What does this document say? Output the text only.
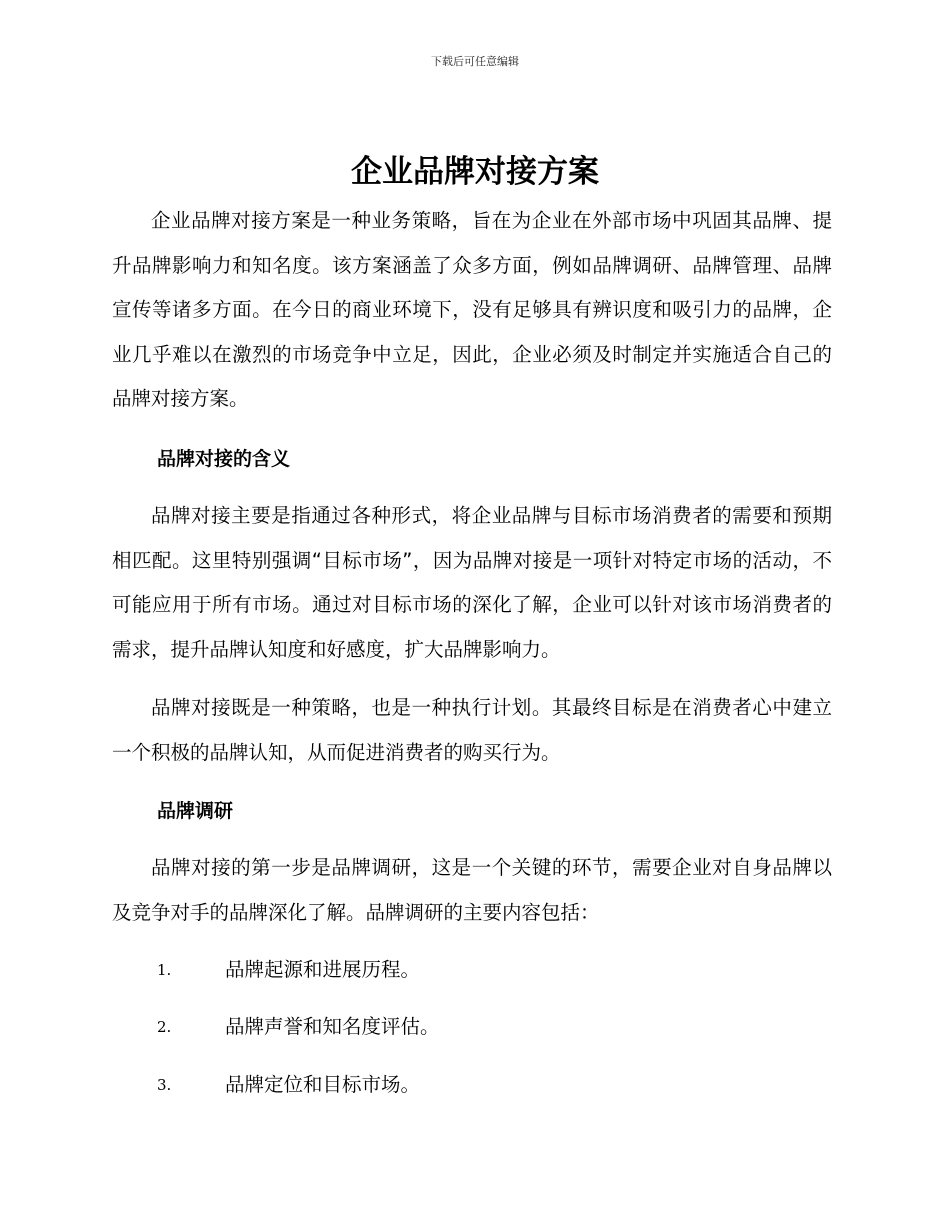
下载后可任意编辑
企业品牌对接方案

企业品牌对接方案是一种业务策略，旨在为企业在外部市场中巩固其品牌、提升品牌影响力和知名度。该方案涵盖了众多方面，例如品牌调研、品牌管理、品牌宣传等诸多方面。在今日的商业环境下，没有足够具有辨识度和吸引力的品牌，企业几乎难以在激烈的市场竞争中立足，因此，企业必须及时制定并实施适合自己的品牌对接方案。

品牌对接的含义

品牌对接主要是指通过各种形式，将企业品牌与目标市场消费者的需要和预期相匹配。这里特别强调“目标市场”，因为品牌对接是一项针对特定市场的活动，不可能应用于所有市场。通过对目标市场的深化了解，企业可以针对该市场消费者的需求，提升品牌认知度和好感度，扩大品牌影响力。

品牌对接既是一种策略，也是一种执行计划。其最终目标是在消费者心中建立一个积极的品牌认知，从而促进消费者的购买行为。

品牌调研

品牌对接的第一步是品牌调研，这是一个关键的环节，需要企业对自身品牌以及竞争对手的品牌深化了解。品牌调研的主要内容包括：

1.	品牌起源和进展历程。
2.	品牌声誉和知名度评估。
3.	品牌定位和目标市场。
